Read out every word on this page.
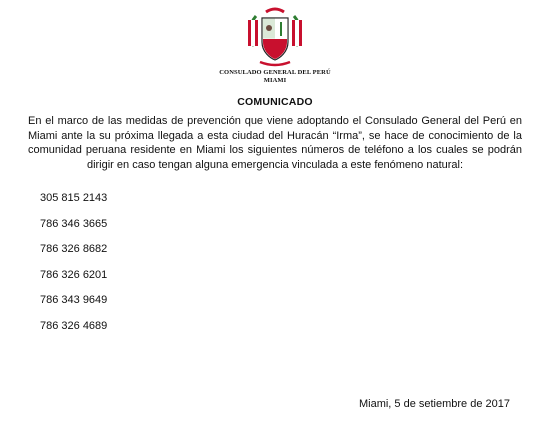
CONSULADO GENERAL DEL PERÚ
MIAMI
COMUNICADO

En el marco de las medidas de prevención que viene adoptando el Consulado General del Perú en Miami ante la su próxima llegada a esta ciudad del Huracán “Irma”, se hace de conocimiento de la comunidad peruana residente en Miami los siguientes números de teléfono a los cuales se podrán dirigir en caso tengan alguna emergencia vinculada a este fenómeno natural:

305 815 2143
786 346 3665
786 326 8682
786 326 6201
786 343 9649
786 326 4689
Miami, 5 de setiembre de 2017
